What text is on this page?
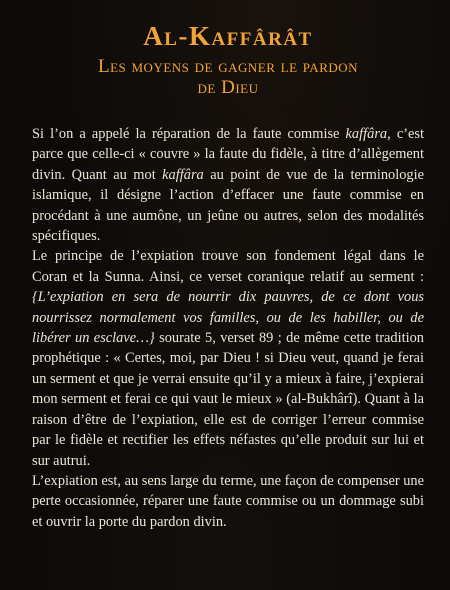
Al-Kaffârât
Les moyens de gagner le pardon
de Dieu

Si l’on a appelé la réparation de la faute commise kaffâra, c’est parce que celle-ci « couvre » la faute du fidèle, à titre d’allègement divin. Quant au mot kaffâra au point de vue de la terminologie islamique, il désigne l’action d’effacer une faute commise en procédant à une aumône, un jeûne ou autres, selon des modalités spécifiques.

Le principe de l’expiation trouve son fondement légal dans le Coran et la Sunna. Ainsi, ce verset coranique relatif au serment : {L’expiation en sera de nourrir dix pauvres, de ce dont vous nourrissez normalement vos familles, ou de les habiller, ou de libérer un esclave…} sourate 5, verset 89 ; de même cette tradition prophétique : « Certes, moi, par Dieu ! si Dieu veut, quand je ferai un serment et que je verrai ensuite qu’il y a mieux à faire, j’expierai mon serment et ferai ce qui vaut le mieux » (al-Bukhârî). Quant à la raison d’être de l’expiation, elle est de corriger l’erreur commise par le fidèle et rectifier les effets néfastes qu’elle produit sur lui et sur autrui.

L’expiation est, au sens large du terme, une façon de compenser une perte occasionnée, réparer une faute commise ou un dommage subi et ouvrir la porte du pardon divin.
